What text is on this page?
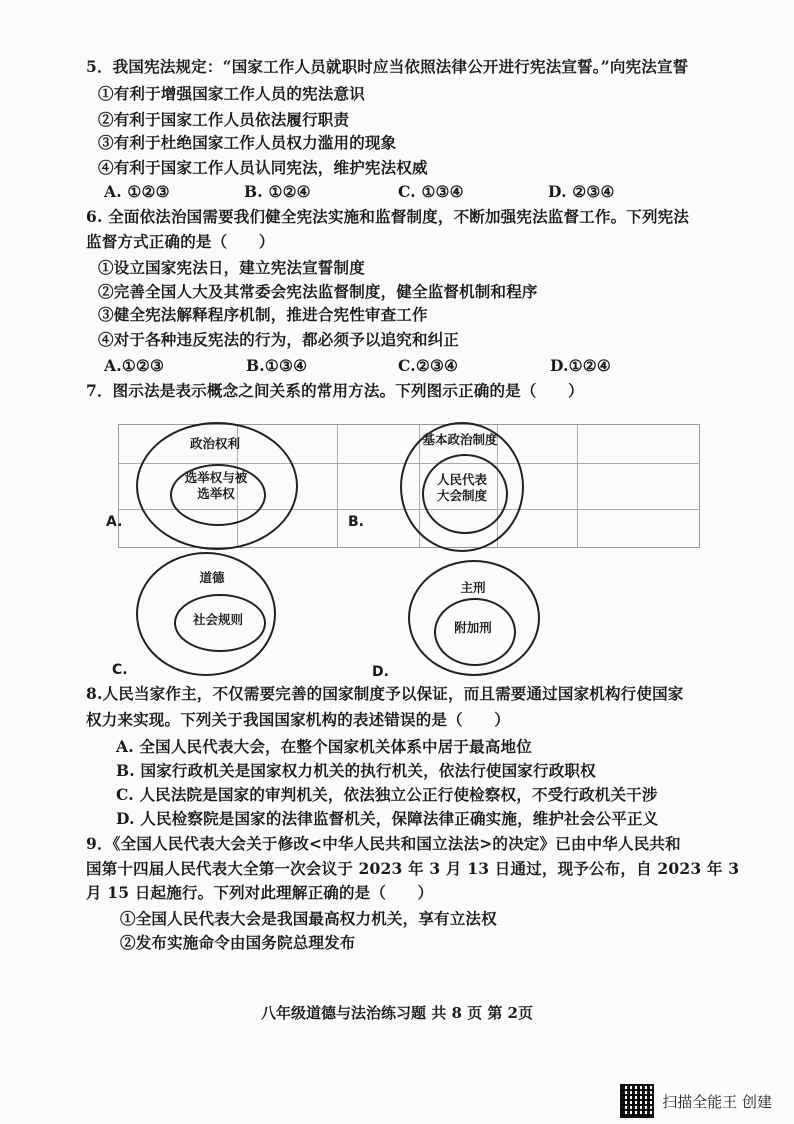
5．我国宪法规定：“国家工作人员就职时应当依照法律公开进行宪法宣誓。”向宪法宣誓
①有利于增强国家工作人员的宪法意识
②有利于国家工作人员依法履行职责
③有利于杜绝国家工作人员权力滥用的现象
④有利于国家工作人员认同宪法，维护宪法权威
A. ①②③	B. ①②④	C. ①③④	D. ②③④
6. 全面依法治国需要我们健全宪法实施和监督制度，不断加强宪法监督工作。下列宪法
监督方式正确的是（　　）
①设立国家宪法日，建立宪法宣誓制度
②完善全国人大及其常委会宪法监督制度，健全监督机制和程序
③健全宪法解释程序机制，推进合宪性审查工作
④对于各种违反宪法的行为，都必须予以追究和纠正
A.①②③	B.①③④	C.②③④	D.①②④
7．图示法是表示概念之间关系的常用方法。下列图示正确的是（　　）
政治权利
选举权与被选举权
A.
基本政治制度
人民代表大会制度
B.
道德
社会规则
C.
主刑
附加刑
D.
8.人民当家作主，不仅需要完善的国家制度予以保证，而且需要通过国家机构行使国家
权力来实现。下列关于我国国家机构的表述错误的是（　　）
A. 全国人民代表大会，在整个国家机关体系中居于最高地位
B. 国家行政机关是国家权力机关的执行机关，依法行使国家行政职权
C. 人民法院是国家的审判机关，依法独立公正行使检察权，不受行政机关干涉
D. 人民检察院是国家的法律监督机关，保障法律正确实施，维护社会公平正义
9．《全国人民代表大会关于修改<中华人民共和国立法法>的决定》已由中华人民共和
国第十四届人民代表大全第一次会议于 2023 年 3 月 13 日通过，现予公布，自 2023 年 3
月 15 日起施行。下列对此理解正确的是（　　）
①全国人民代表大会是我国最高权力机关，享有立法权
②发布实施命令由国务院总理发布
八年级道德与法治练习题 共 8 页 第 2页
扫描全能王 创建
